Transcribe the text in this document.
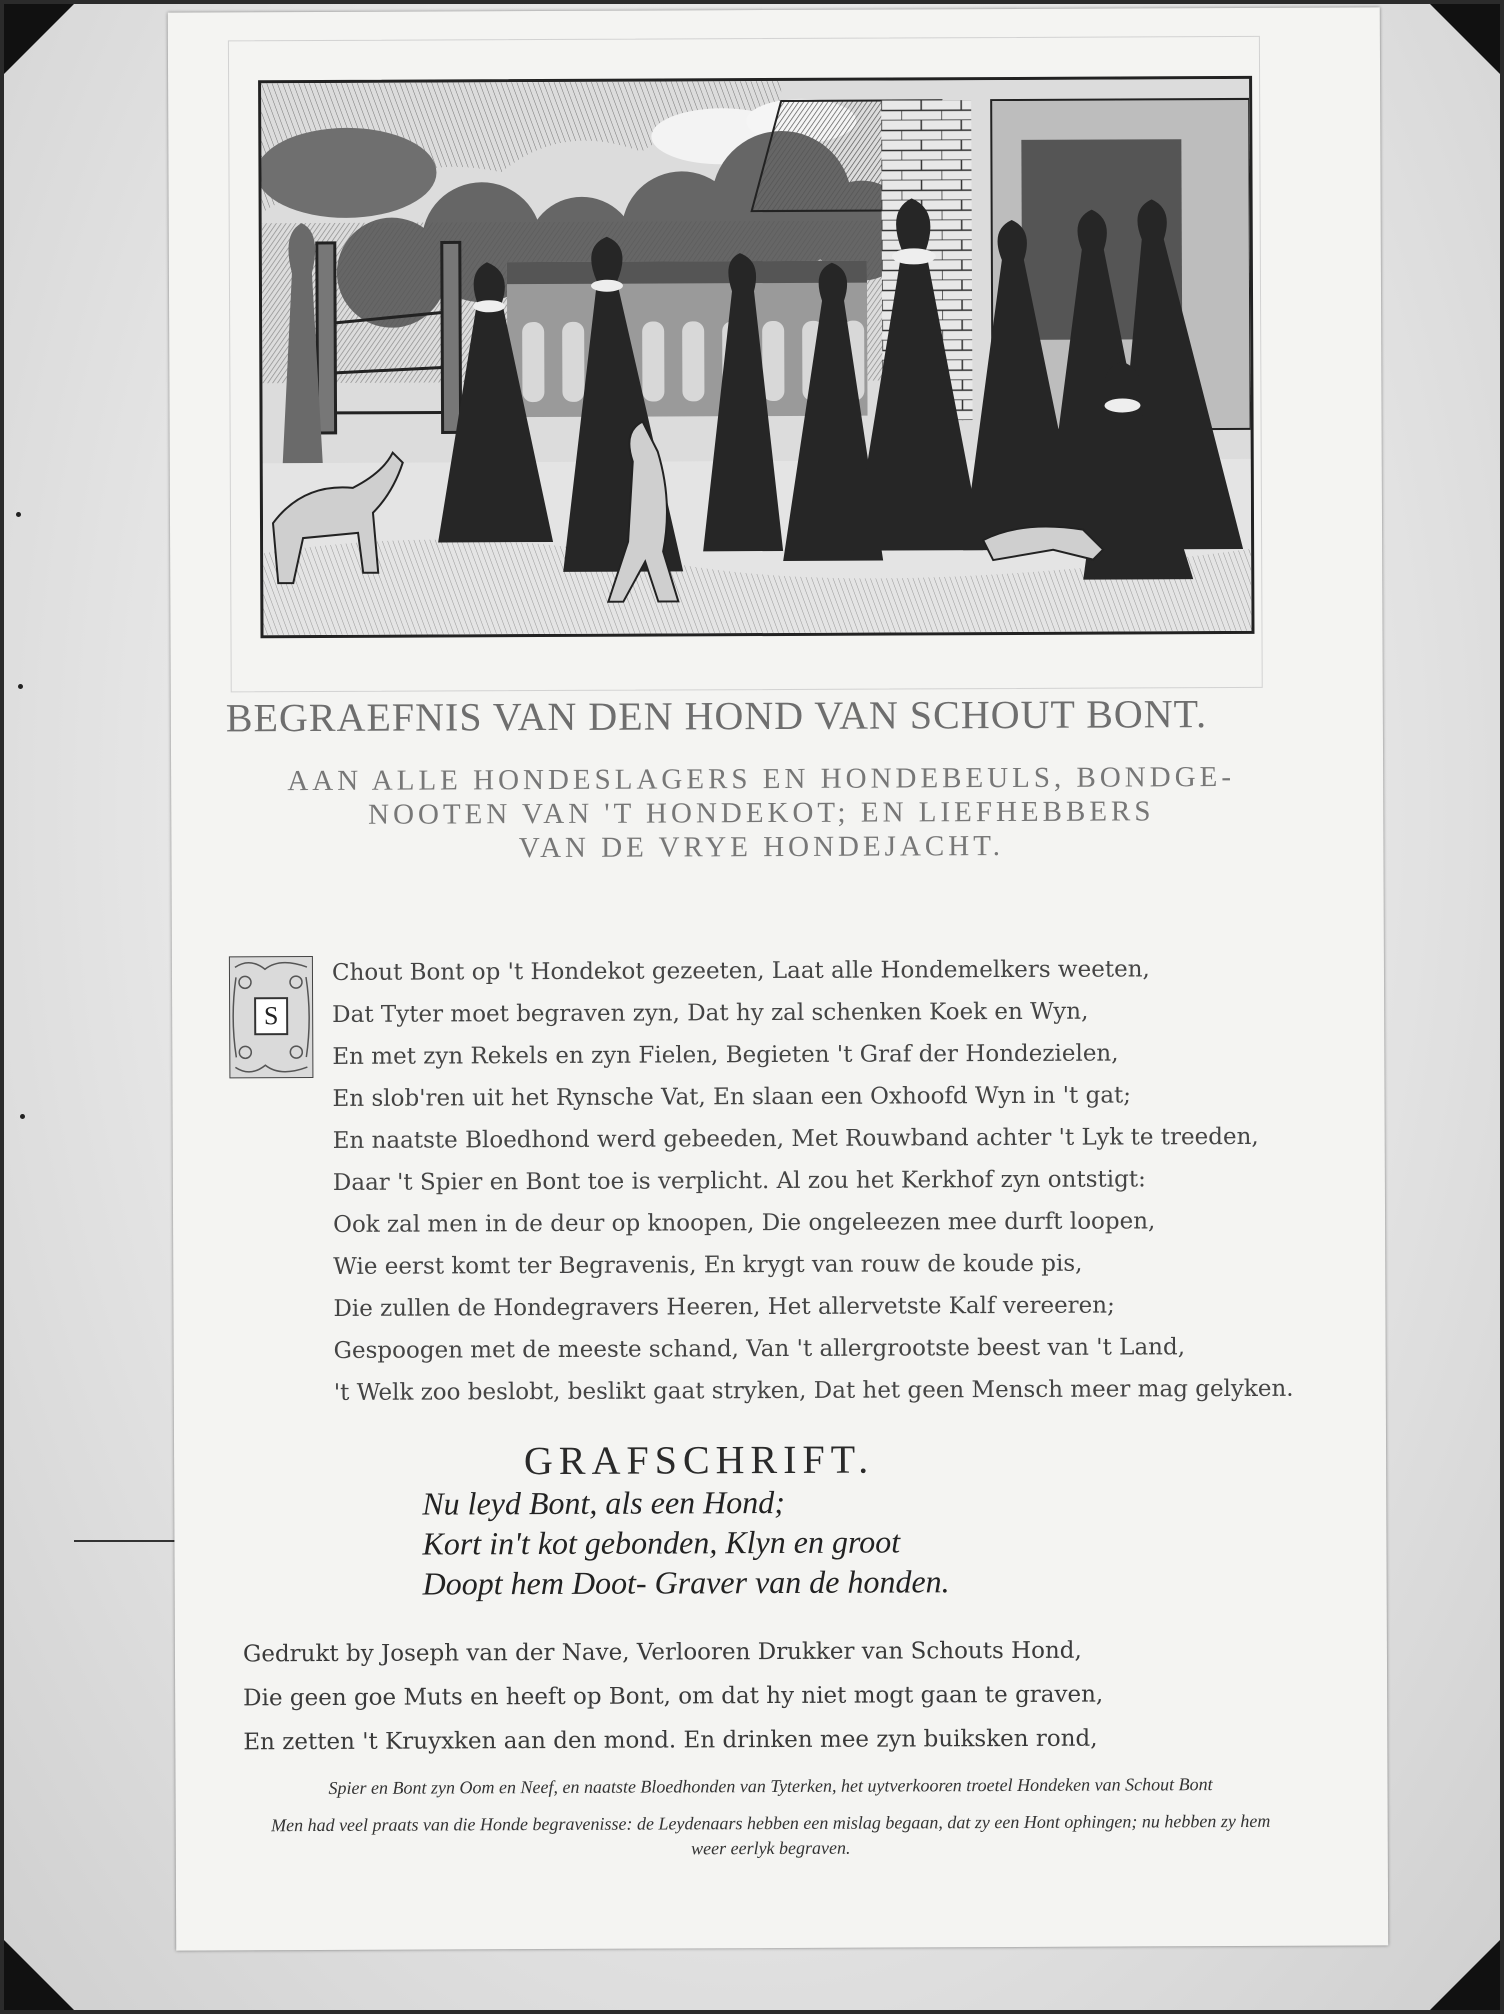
BEGRAEFNIS VAN DEN HOND VAN SCHOUT BONT.
AAN ALLE HONDESLAGERS EN HONDEBEULS, BONDGE-
NOOTEN VAN 'T HONDEKOT; EN LIEFHEBBERS
VAN DE VRYE HONDEJACHT.
S
Chout Bont op 't Hondekot gezeeten, Laat alle Hondemelkers weeten,
Dat Tyter moet begraven zyn, Dat hy zal schenken Koek en Wyn,
En met zyn Rekels en zyn Fielen, Begieten 't Graf der Hondezielen,
En slob'ren uit het Rynsche Vat, En slaan een Oxhoofd Wyn in 't gat;
En naatste Bloedhond werd gebeeden, Met Rouwband achter 't Lyk te treeden,
Daar 't Spier en Bont toe is verplicht. Al zou het Kerkhof zyn ontstigt:
Ook zal men in de deur op knoopen, Die ongeleezen mee durft loopen,
Wie eerst komt ter Begravenis, En krygt van rouw de koude pis,
Die zullen de Hondegravers Heeren, Het allervetste Kalf vereeren;
Gespoogen met de meeste schand, Van 't allergrootste beest van 't Land,
't Welk zoo beslobt, beslikt gaat stryken, Dat het geen Mensch meer mag gelyken.
GRAFSCHRIFT.
Nu leyd Bont, als een Hond;
Kort in't kot gebonden, Klyn en groot
Doopt hem Doot- Graver van de honden.
Gedrukt by Joseph van der Nave, Verlooren Drukker van Schouts Hond,
Die geen goe Muts en heeft op Bont, om dat hy niet mogt gaan te graven,
En zetten 't Kruyxken aan den mond. En drinken mee zyn buiksken rond,

Spier en Bont zyn Oom en Neef, en naatste Bloedhonden van Tyterken, het uytverkooren troetel Hondeken van Schout Bont

Men had veel praats van die Honde begravenisse: de Leydenaars hebben een mislag begaan, dat zy een Hont ophingen; nu hebben zy hem weer eerlyk begraven.
